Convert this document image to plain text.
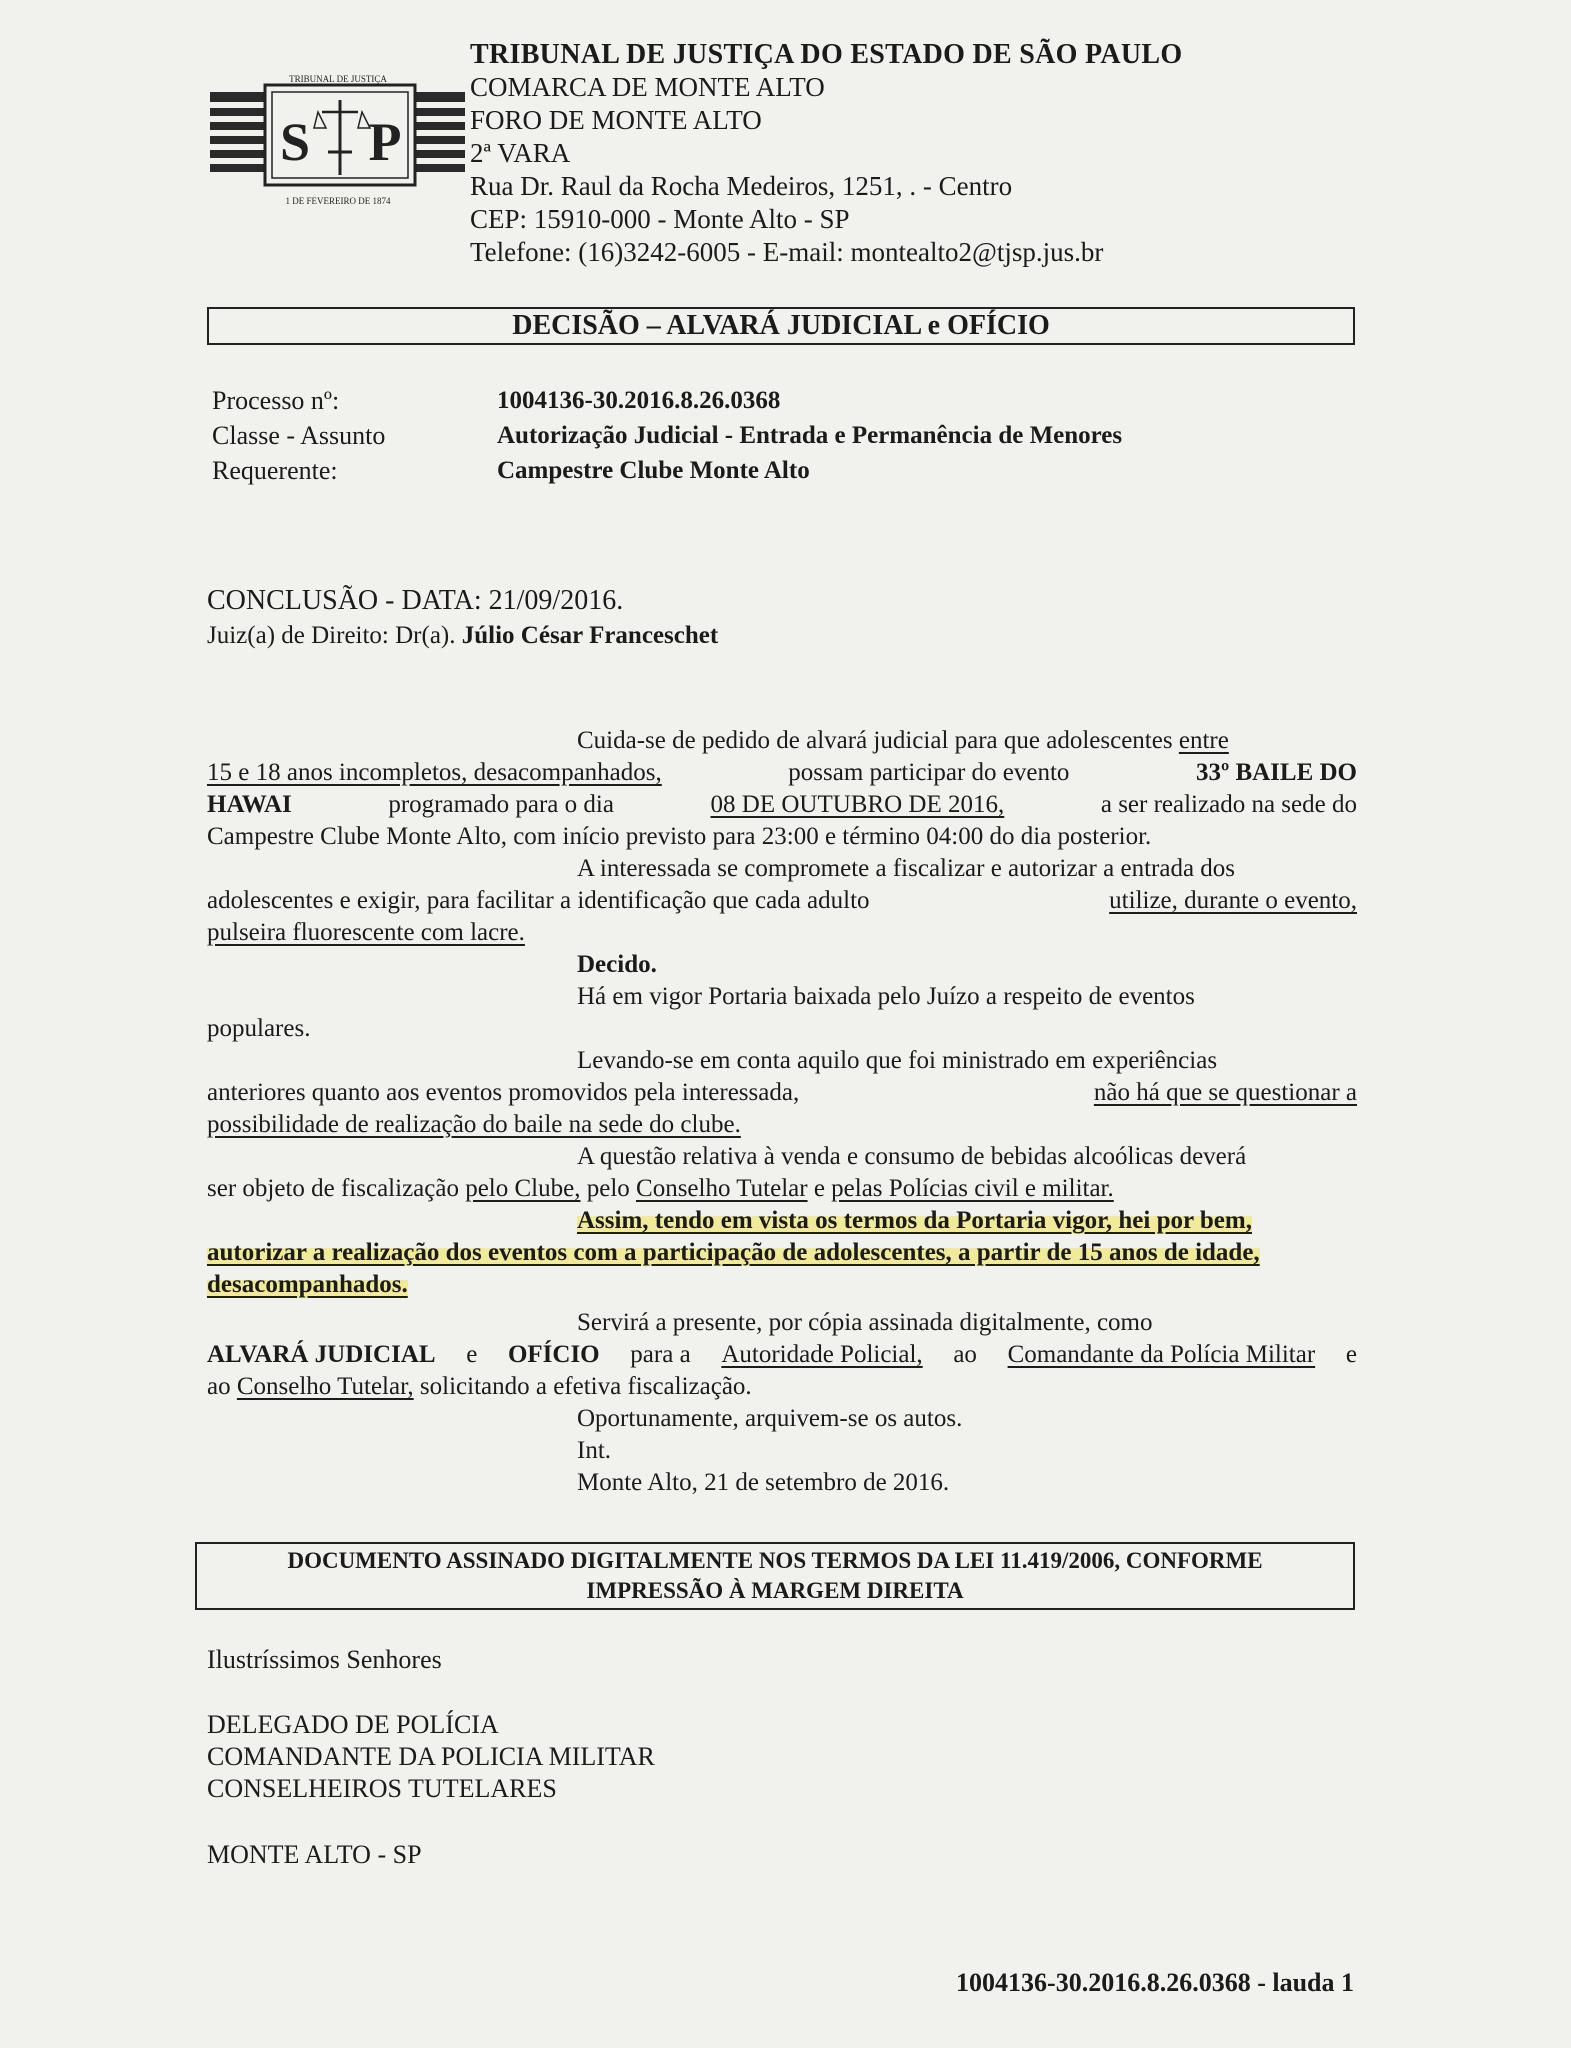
TRIBUNAL DE JUSTIÇA
S P
1 DE FEVEREIRO DE 1874
TRIBUNAL DE JUSTIÇA DO ESTADO DE SÃO PAULO
COMARCA DE MONTE ALTO
FORO DE MONTE ALTO
2ª VARA
Rua Dr. Raul da Rocha Medeiros, 1251, . - Centro
CEP: 15910-000 - Monte Alto - SP
Telefone: (16)3242-6005 - E-mail: montealto2@tjsp.jus.br
DECISÃO – ALVARÁ JUDICIAL e OFÍCIO
Processo nº:	1004136-30.2016.8.26.0368
Classe - Assunto	Autorização Judicial - Entrada e Permanência de Menores
Requerente:	Campestre Clube Monte Alto
CONCLUSÃO - DATA: 21/09/2016.
Juiz(a) de Direito: Dr(a). Júlio César Franceschet
Cuida-se de pedido de alvará judicial para que adolescentes
entre
15 e 18 anos incompletos, desacompanhados,	possam participar do evento	33º BAILE DO
HAWAI	programado para o dia	08 DE OUTUBRO DE 2016,	a ser realizado na sede do
Campestre Clube Monte Alto, com início previsto para 23:00 e término 04:00 do dia posterior.
A interessada se compromete a fiscalizar e autorizar a entrada dos
adolescentes e exigir, para facilitar a identificação que cada adulto	utilize, durante o evento,
pulseira fluorescente com lacre.
Decido.
Há em vigor Portaria baixada pelo Juízo a respeito de eventos
populares.
Levando-se em conta aquilo que foi ministrado em experiências
anteriores quanto aos eventos promovidos pela interessada,	não há que se questionar a
possibilidade de realização do baile na sede do clube.
A questão relativa à venda e consumo de bebidas alcoólicas deverá
ser objeto de fiscalização
pelo Clube,
pelo
Conselho Tutelar
e
pelas Polícias civil e militar.
Assim, tendo em vista os termos da Portaria vigor, hei por bem,
autorizar a realização dos eventos com a participação de adolescentes, a partir de 15 anos de idade,
desacompanhados.
Servirá a presente, por cópia assinada digitalmente, como
ALVARÁ JUDICIAL e OFÍCIO para a Autoridade Policial, ao Comandante da Polícia Militar e
ao
Conselho Tutelar,
solicitando a efetiva fiscalização.
Oportunamente, arquivem-se os autos.
Int.
Monte Alto, 21 de setembro de 2016.
DOCUMENTO ASSINADO DIGITALMENTE NOS TERMOS DA LEI 11.419/2006, CONFORME
IMPRESSÃO À MARGEM DIREITA
Ilustríssimos Senhores
DELEGADO DE POLÍCIA
COMANDANTE DA POLICIA MILITAR
CONSELHEIROS TUTELARES
MONTE ALTO - SP
1004136-30.2016.8.26.0368 - lauda 1
